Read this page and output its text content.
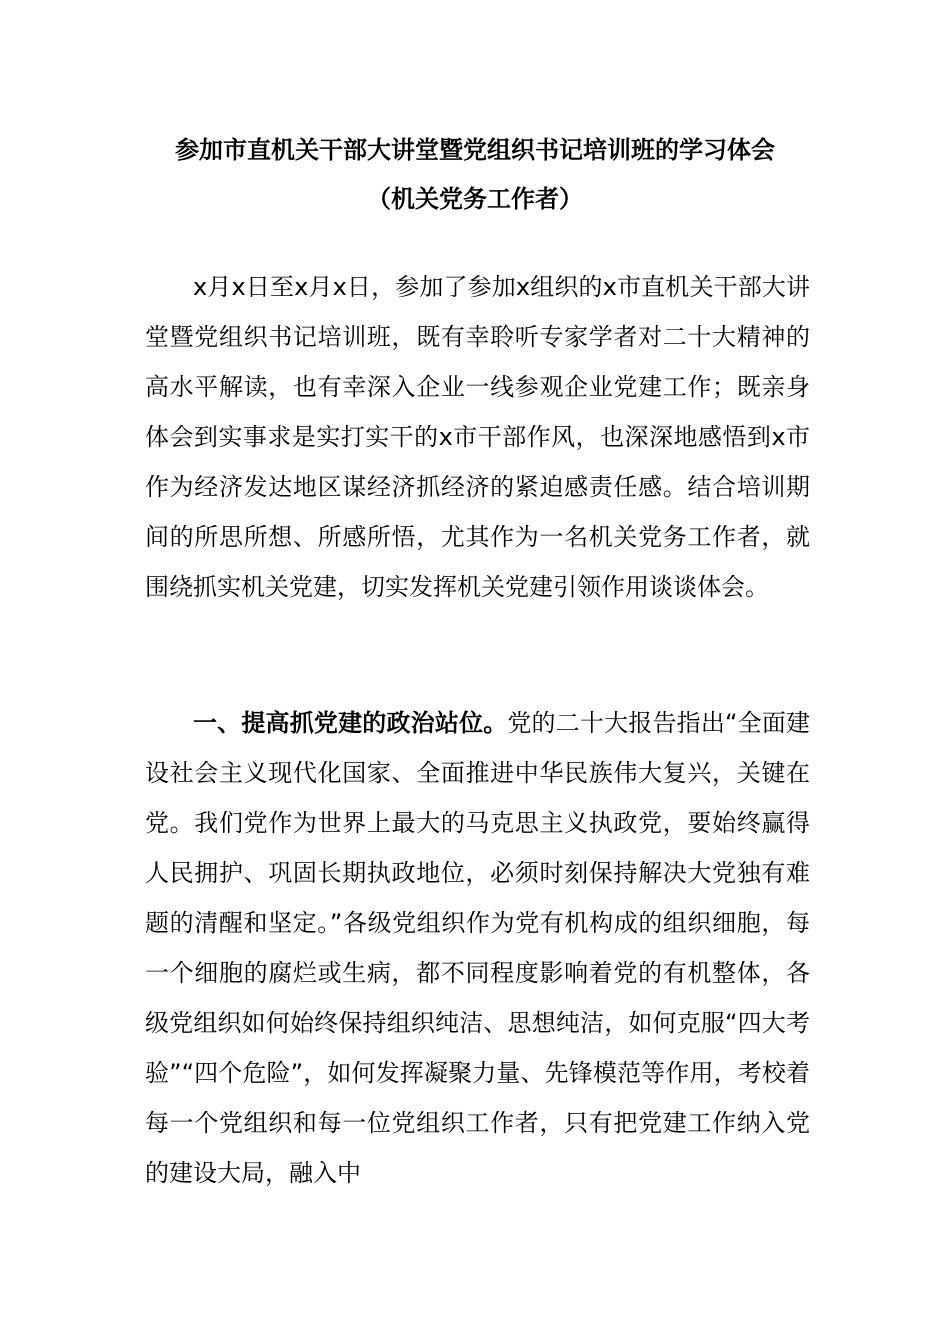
参加市直机关干部大讲堂暨党组织书记培训班的学习体会
（机关党务工作者）

x月x日至x月x日，参加了参加x组织的x市直机关干部大讲堂暨党组织书记培训班，既有幸聆听专家学者对二十大精神的高水平解读，也有幸深入企业一线参观企业党建工作；既亲身体会到实事求是实打实干的x市干部作风，也深深地感悟到x市作为经济发达地区谋经济抓经济的紧迫感责任感。结合培训期间的所思所想、所感所悟，尤其作为一名机关党务工作者，就围绕抓实机关党建，切实发挥机关党建引领作用谈谈体会。

一、提高抓党建的政治站位。党的二十大报告指出“全面建设社会主义现代化国家、全面推进中华民族伟大复兴，关键在党。我们党作为世界上最大的马克思主义执政党，要始终赢得人民拥护、巩固长期执政地位，必须时刻保持解决大党独有难题的清醒和坚定。”各级党组织作为党有机构成的组织细胞，每一个细胞的腐烂或生病，都不同程度影响着党的有机整体，各级党组织如何始终保持组织纯洁、思想纯洁，如何克服“四大考验”“四个危险”，如何发挥凝聚力量、先锋模范等作用，考校着每一个党组织和每一位党组织工作者，只有把党建工作纳入党的建设大局，融入中
